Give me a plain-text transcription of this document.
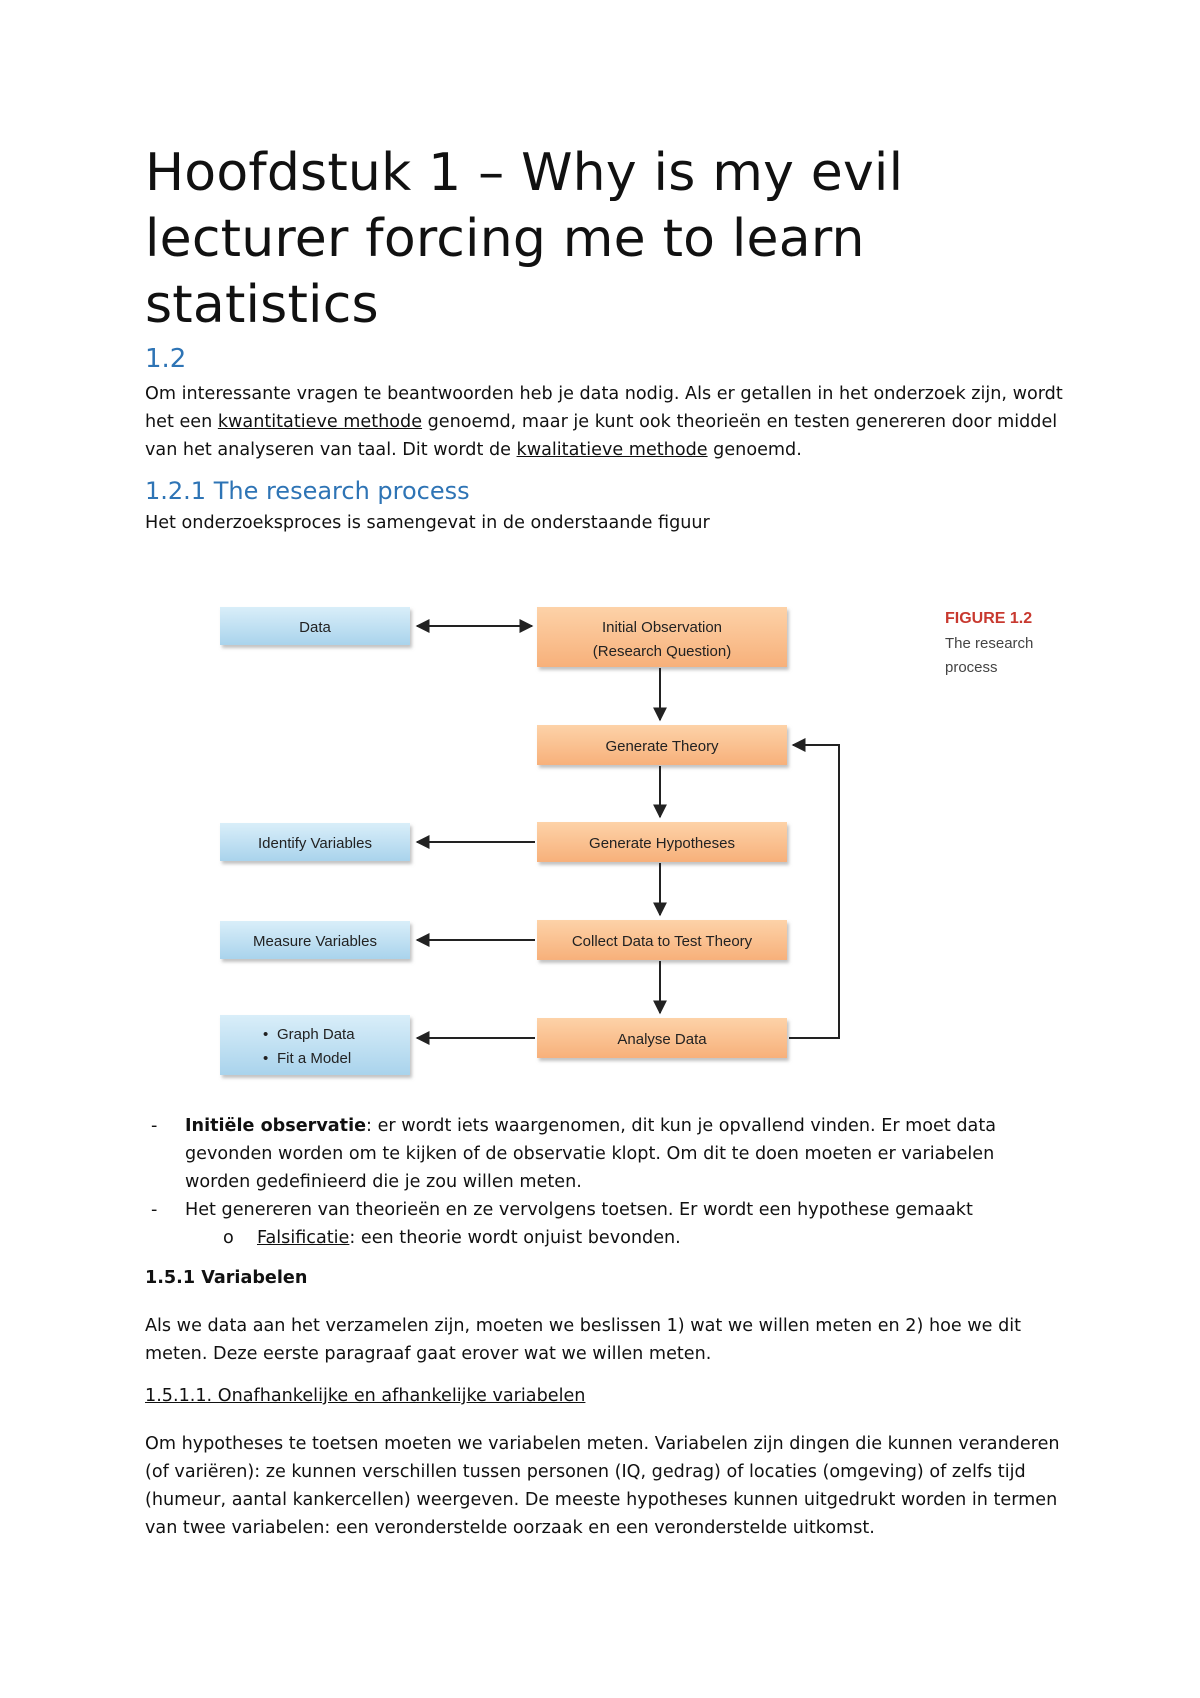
Hoofdstuk 1 – Why is my evil lecturer forcing me to learn statistics
1.2

Om interessante vragen te beantwoorden heb je data nodig. Als er getallen in het onderzoek zijn, wordt het een kwantitatieve methode genoemd, maar je kunt ook theorieën en testen genereren door middel van het analyseren van taal. Dit wordt de kwalitatieve methode genoemd.

1.2.1 The research process

Het onderzoeksproces is samengevat in de onderstaande figuur

- Initiële observatie: er wordt iets waargenomen, dit kun je opvallend vinden. Er moet data gevonden worden om te kijken of de observatie klopt. Om dit te doen moeten er variabelen worden gedefinieerd die je zou willen meten.
- Het genereren van theorieën en ze vervolgens toetsen. Er wordt een hypothese gemaakt
o Falsificatie: een theorie wordt onjuist bevonden.
1.5.1 Variabelen

Als we data aan het verzamelen zijn, moeten we beslissen 1) wat we willen meten en 2) hoe we dit meten. Deze eerste paragraaf gaat erover wat we willen meten.

1.5.1.1. Onafhankelijke en afhankelijke variabelen

Om hypotheses te toetsen moeten we variabelen meten. Variabelen zijn dingen die kunnen veranderen (of variëren): ze kunnen verschillen tussen personen (IQ, gedrag) of locaties (omgeving) of zelfs tijd (humeur, aantal kankercellen) weergeven. De meeste hypotheses kunnen uitgedrukt worden in termen van twee variabelen: een veronderstelde oorzaak en een veronderstelde uitkomst.

Data
Identify Variables
Measure Variables
• Graph Data
• Fit a Model
Initial Observation
(Research Question)
Generate Theory
Generate Hypotheses
Collect Data to Test Theory
Analyse Data
FIGURE 1.2
The research
process
